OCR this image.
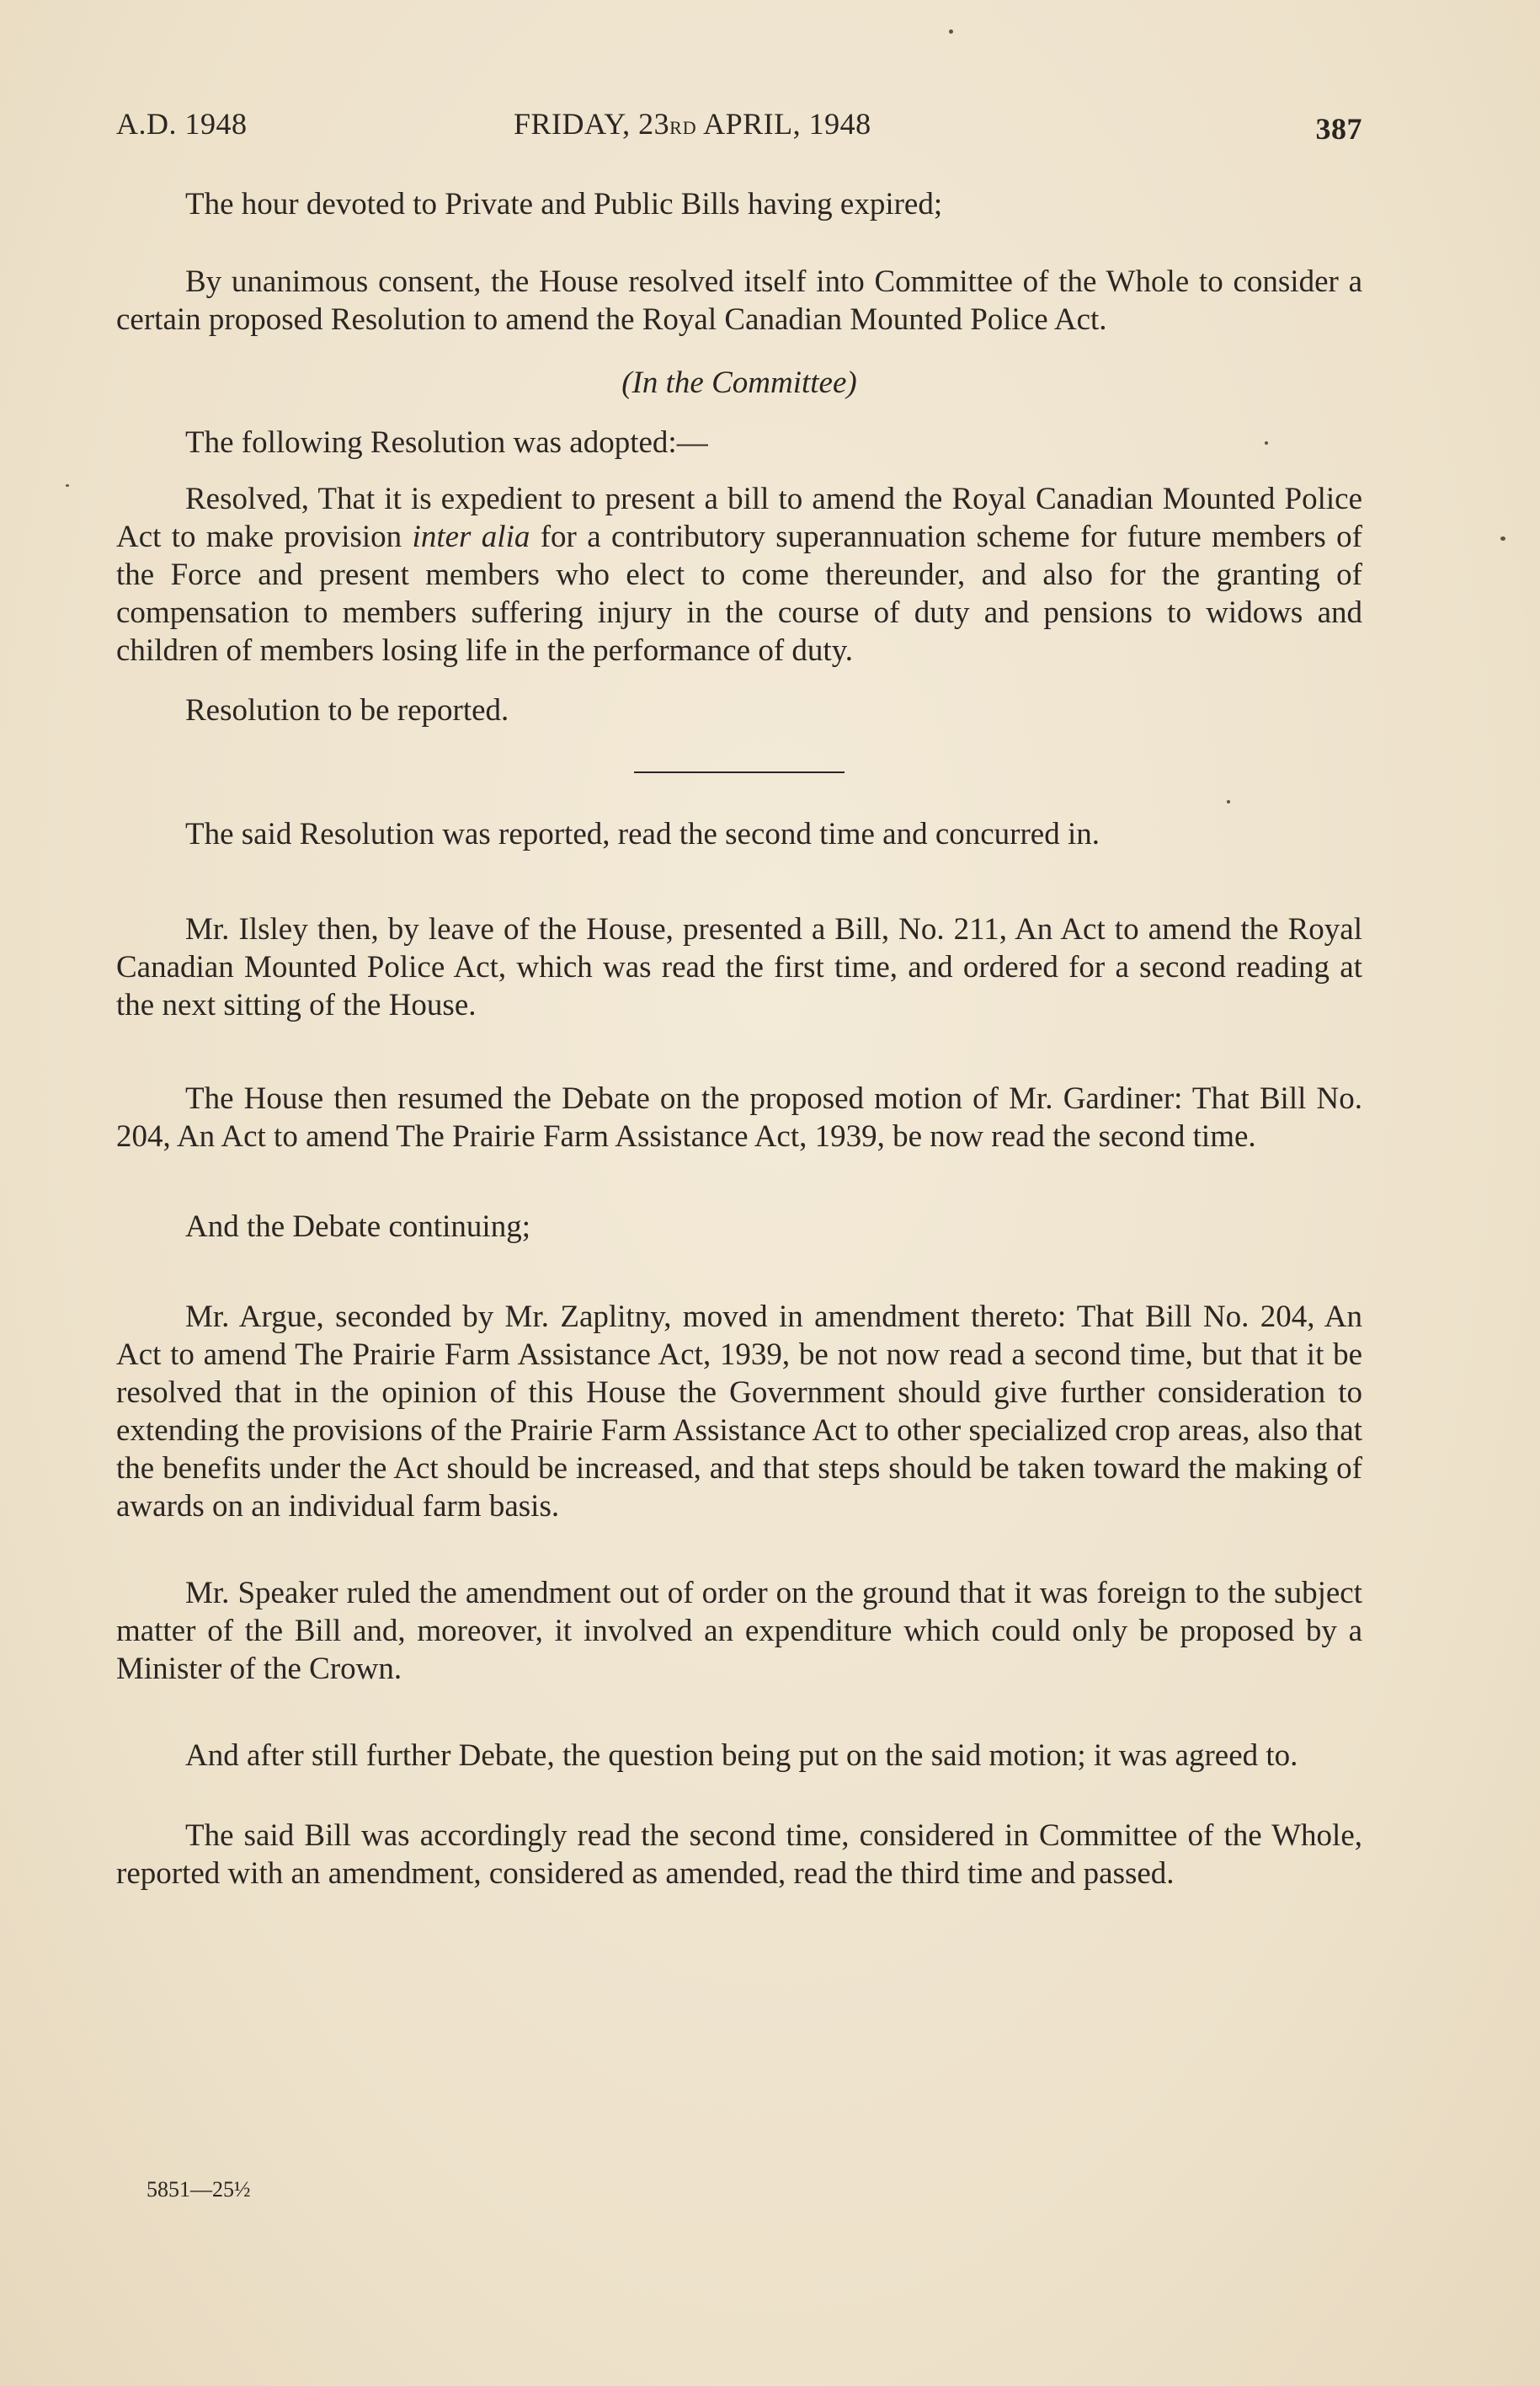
A.D. 1948	FRIDAY, 23RD APRIL, 1948	387

The hour devoted to Private and Public Bills having expired;

By unanimous consent, the House resolved itself into Committee of the Whole to consider a certain proposed Resolution to amend the Royal Canadian Mounted Police Act.

(In the Committee)

The following Resolution was adopted:—

Resolved, That it is expedient to present a bill to amend the Royal Canadian Mounted Police Act to make provision inter alia for a contributory superannuation scheme for future members of the Force and present members who elect to come thereunder, and also for the granting of compensation to members suffering injury in the course of duty and pensions to widows and children of members losing life in the performance of duty.

Resolution to be reported.

The said Resolution was reported, read the second time and concurred in.

Mr. Ilsley then, by leave of the House, presented a Bill, No. 211, An Act to amend the Royal Canadian Mounted Police Act, which was read the first time, and ordered for a second reading at the next sitting of the House.

The House then resumed the Debate on the proposed motion of Mr. Gardiner: That Bill No. 204, An Act to amend The Prairie Farm Assistance Act, 1939, be now read the second time.

And the Debate continuing;

Mr. Argue, seconded by Mr. Zaplitny, moved in amendment thereto: That Bill No. 204, An Act to amend The Prairie Farm Assistance Act, 1939, be not now read a second time, but that it be resolved that in the opinion of this House the Government should give further consideration to extending the provisions of the Prairie Farm Assistance Act to other specialized crop areas, also that the benefits under the Act should be increased, and that steps should be taken toward the making of awards on an individual farm basis.

Mr. Speaker ruled the amendment out of order on the ground that it was foreign to the subject matter of the Bill and, moreover, it involved an expenditure which could only be proposed by a Minister of the Crown.

And after still further Debate, the question being put on the said motion; it was agreed to.

The said Bill was accordingly read the second time, considered in Committee of the Whole, reported with an amendment, considered as amended, read the third time and passed.

5851—25½
